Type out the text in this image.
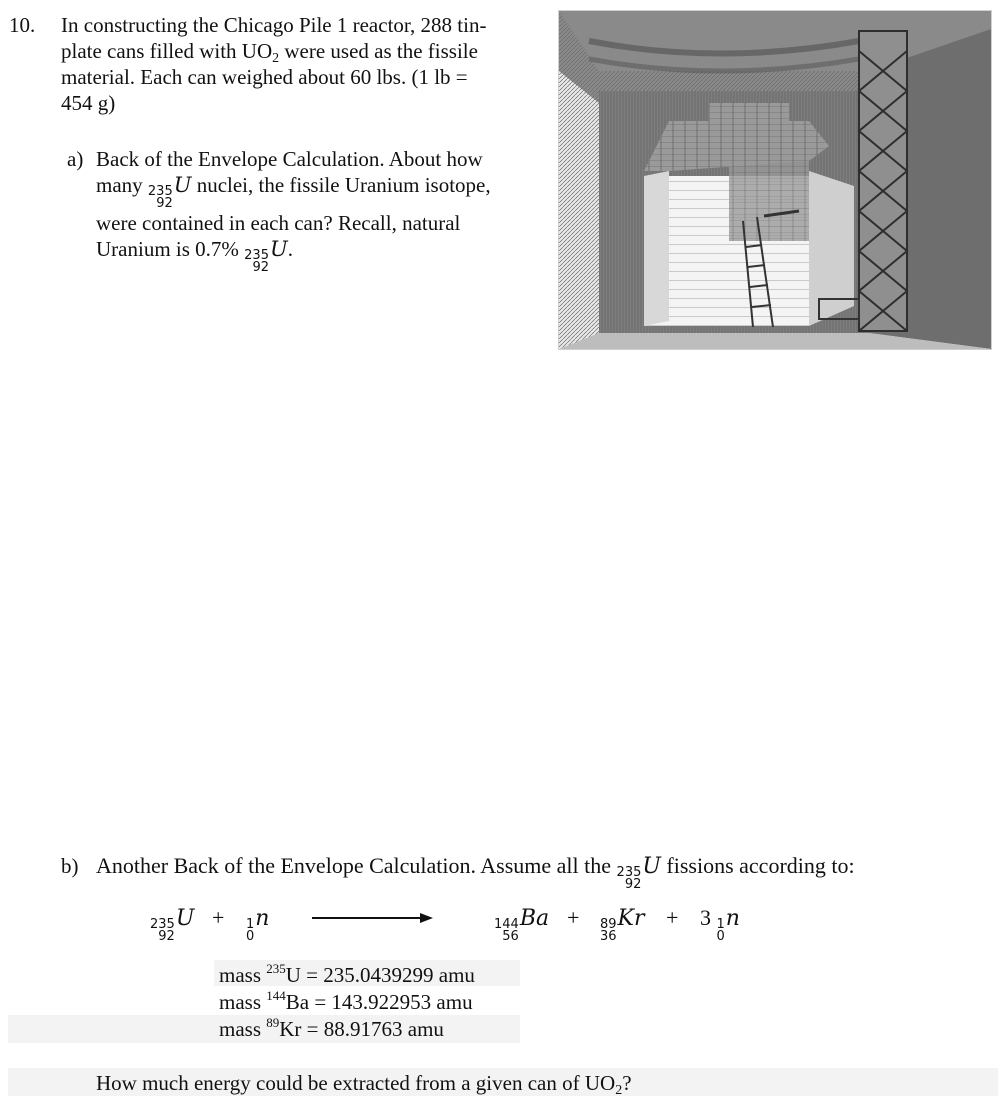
10. In constructing the Chicago Pile 1 reactor, 288 tin-
plate cans filled with $UO_2$ were used as the fissile
material. Each can weighed about 60 lbs. (1 lb =
454 g)
a) Back of the Envelope Calculation. About how
many 235
92
U nuclei, the fissile Uranium isotope,
were contained in each can? Recall, natural
Uranium is 0.7% 235
92
U.
b) Another Back of the Envelope Calculation. Assume all the 235
92
U fissions according to:
235
92
U + 1
0
n	144
56
Ba + 89
36
Kr + 3 1
0
n
mass $^{235}$U = 235.0439299 amu
mass $^{144}$Ba = 143.922953 amu
mass $^{89}$Kr = 88.91763 amu
How much energy could be extracted from a given can of $UO_2$?
